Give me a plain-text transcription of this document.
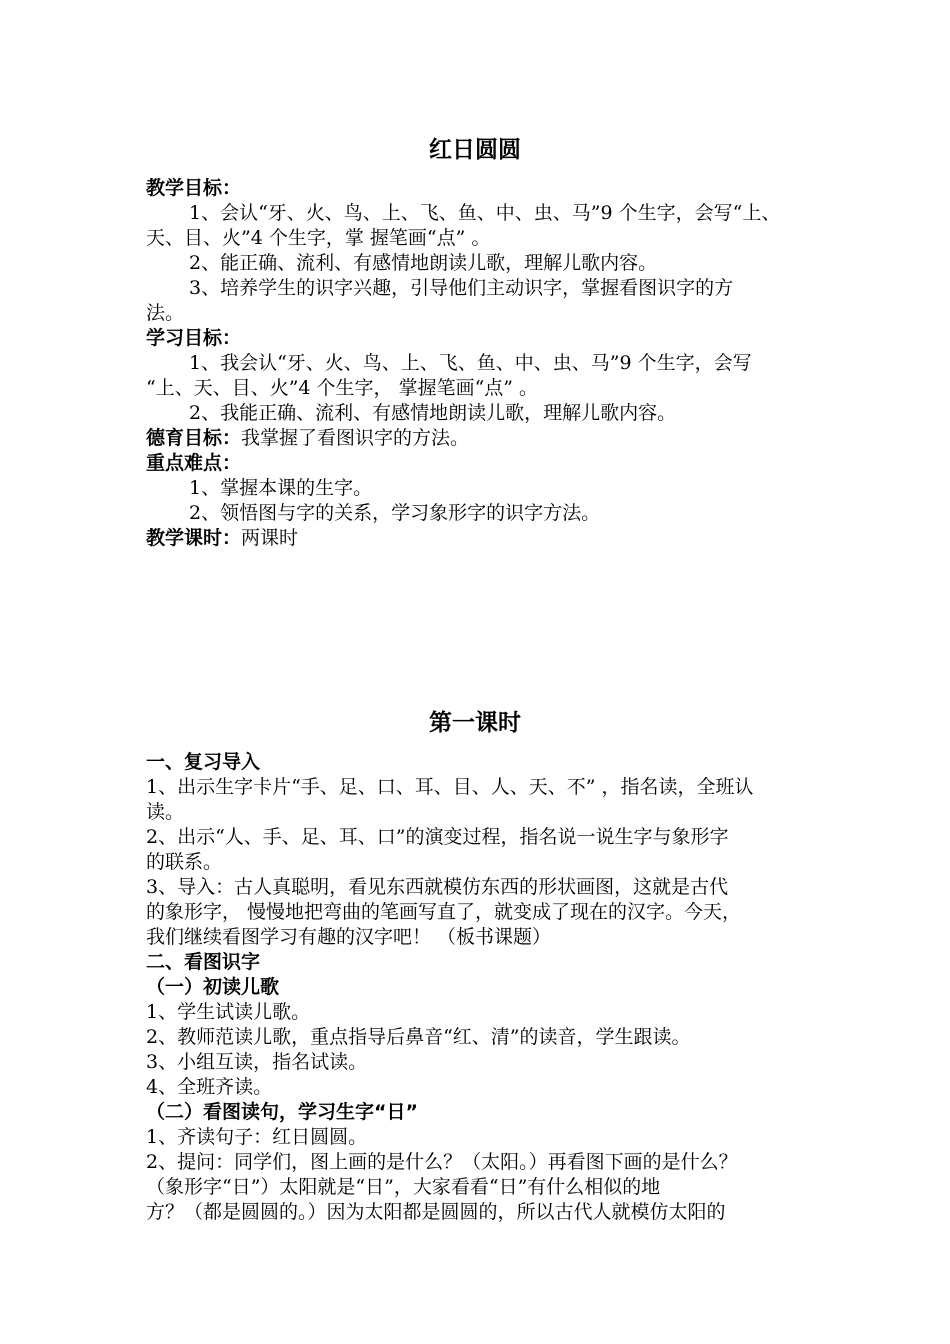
红日圆圆
教学目标：
1、会认“牙、火、鸟、上、飞、鱼、中、虫、马”9 个生字，会写“上、
天、目、火”4 个生字，掌 握笔画“点” 。
2、能正确、流利、有感情地朗读儿歌，理解儿歌内容。
3、培养学生的识字兴趣，引导他们主动识字，掌握看图识字的方
法。
学习目标：
1、我会认“牙、火、鸟、上、飞、鱼、中、虫、马”9 个生字，会写
“上、天、目、火”4 个生字， 掌握笔画“点” 。
2、我能正确、流利、有感情地朗读儿歌，理解儿歌内容。
德育目标：我掌握了看图识字的方法。
重点难点：
1、掌握本课的生字。
2、领悟图与字的关系，学习象形字的识字方法。
教学课时：两课时
第一课时
一、复习导入
1、出示生字卡片“手、足、口、耳、目、人、天、不” ，指名读，全班认
读。
2、出示“人、手、足、耳、口”的演变过程，指名说一说生字与象形字
的联系。
3、导入：古人真聪明，看见东西就模仿东西的形状画图，这就是古代
的象形字， 慢慢地把弯曲的笔画写直了，就变成了现在的汉字。今天，
我们继续看图学习有趣的汉字吧！ （板书课题）
二、看图识字
（一）初读儿歌
1、学生试读儿歌。
2、教师范读儿歌，重点指导后鼻音“红、清”的读音，学生跟读。
3、小组互读，指名试读。
4、全班齐读。
（二）看图读句，学习生字“日”
1、齐读句子：红日圆圆。
2、提问：同学们，图上画的是什么？（太阳。）再看图下画的是什么？
（象形字“日”）太阳就是“日”，大家看看“日”有什么相似的地
方？（都是圆圆的。）因为太阳都是圆圆的，所以古代人就模仿太阳的
